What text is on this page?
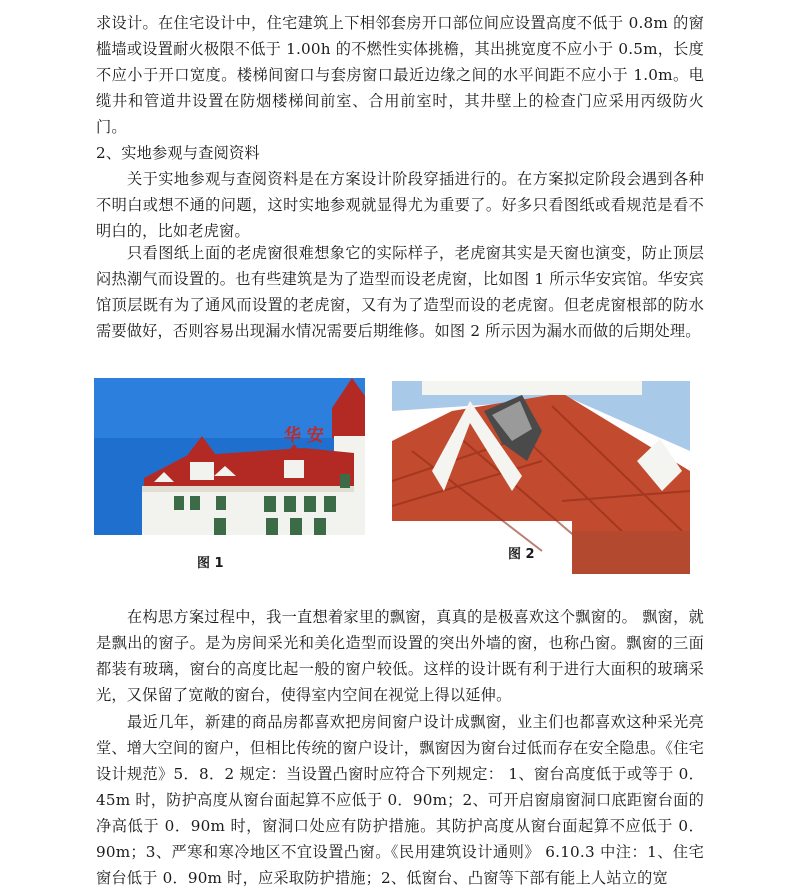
求设计。在住宅设计中，住宅建筑上下相邻套房开口部位间应设置高度不低于 0.8m 的窗槛墙或设置耐火极限不低于 1.00h 的不燃性实体挑檐，其出挑宽度不应小于 0.5m，长度不应小于开口宽度。楼梯间窗口与套房窗口最近边缘之间的水平间距不应小于 1.0m。电缆井和管道井设置在防烟楼梯间前室、合用前室时，其井壁上的检查门应采用丙级防火门。

2、实地参观与查阅资料

关于实地参观与查阅资料是在方案设计阶段穿插进行的。在方案拟定阶段会遇到各种不明白或想不通的问题，这时实地参观就显得尤为重要了。好多只看图纸或看规范是看不明白的，比如老虎窗。

只看图纸上面的老虎窗很难想象它的实际样子，老虎窗其实是天窗也演变，防止顶层闷热潮气而设置的。也有些建筑是为了造型而设老虎窗，比如图 1 所示华安宾馆。华安宾馆顶层既有为了通风而设置的老虎窗，又有为了造型而设的老虎窗。但老虎窗根部的防水需要做好，否则容易出现漏水情况需要后期维修。如图 2 所示因为漏水而做的后期处理。

华 安
图 1
图 2

在构思方案过程中，我一直想着家里的飘窗，真真的是极喜欢这个飘窗的。 飘窗，就是飘出的窗子。是为房间采光和美化造型而设置的突出外墙的窗，也称凸窗。飘窗的三面都装有玻璃，窗台的高度比起一般的窗户较低。这样的设计既有利于进行大面积的玻璃采光，又保留了宽敞的窗台，使得室内空间在视觉上得以延伸。

最近几年，新建的商品房都喜欢把房间窗户设计成飘窗，业主们也都喜欢这种采光亮堂、增大空间的窗户，但相比传统的窗户设计，飘窗因为窗台过低而存在安全隐患。《住宅设计规范》5．8．2 规定：当设置凸窗时应符合下列规定： 1、窗台高度低于或等于 0．45m 时，防护高度从窗台面起算不应低于 0．90m；2、可开启窗扇窗洞口底距窗台面的净高低于 0．90m 时，窗洞口处应有防护措施。其防护高度从窗台面起算不应低于 0．90m；3、严寒和寒冷地区不宜设置凸窗。《民用建筑设计通则》 6.10.3 中注：1、住宅窗台低于 0．90m 时，应采取防护措施；2、低窗台、凸窗等下部有能上人站立的宽
